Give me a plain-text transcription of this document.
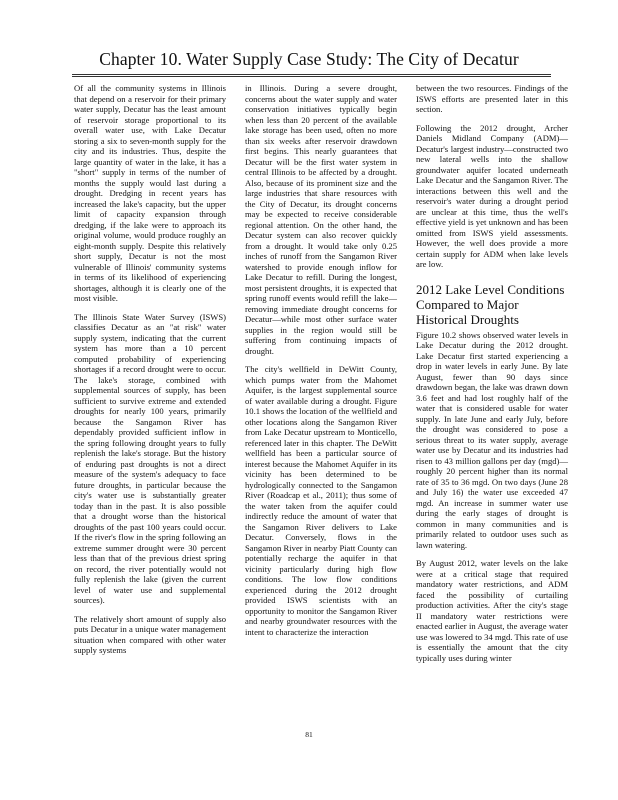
Chapter 10. Water Supply Case Study: The City of Decatur

Of all the community systems in Illinois that depend on a reservoir for their primary water supply, Decatur has the least amount of reservoir storage proportional to its overall water use, with Lake Decatur storing a six to seven-month supply for the city and its industries. Thus, despite the large quantity of water in the lake, it has a "short" supply in terms of the number of months the supply would last during a drought. Dredging in recent years has increased the lake's capacity, but the upper limit of capacity expansion through dredging, if the lake were to approach its original volume, would produce roughly an eight-month supply. Despite this relatively short supply, Decatur is not the most vulnerable of Illinois' community systems in terms of its likelihood of experiencing shortages, although it is clearly one of the most visible.

The Illinois State Water Survey (ISWS) classifies Decatur as an "at risk" water supply system, indicating that the current system has more than a 10 percent computed probability of experiencing shortages if a record drought were to occur. The lake's storage, combined with supplemental sources of supply, has been sufficient to survive extreme and extended droughts for nearly 100 years, primarily because the Sangamon River has dependably provided sufficient inflow in the spring following drought years to fully replenish the lake's storage. But the history of enduring past droughts is not a direct measure of the system's adequacy to face future droughts, in particular because the city's water use is substantially greater today than in the past. It is also possible that a drought worse than the historical droughts of the past 100 years could occur. If the river's flow in the spring following an extreme summer drought were 30 percent less than that of the previous driest spring on record, the river potentially would not fully replenish the lake (given the current level of water use and supplemental sources).

The relatively short amount of supply also puts Decatur in a unique water management situation when compared with other water supply systems

in Illinois. During a severe drought, concerns about the water supply and water conservation initiatives typically begin when less than 20 percent of the available lake storage has been used, often no more than six weeks after reservoir drawdown first begins. This nearly guarantees that Decatur will be the first water system in central Illinois to be affected by a drought. Also, because of its prominent size and the large industries that share resources with the City of Decatur, its drought concerns may be expected to receive considerable regional attention. On the other hand, the Decatur system can also recover quickly from a drought. It would take only 0.25 inches of runoff from the Sangamon River watershed to provide enough inflow for Lake Decatur to refill. During the longest, most persistent droughts, it is expected that spring runoff events would refill the lake—removing immediate drought concerns for Decatur—while most other surface water supplies in the region would still be suffering from continuing impacts of drought.

The city's wellfield in DeWitt County, which pumps water from the Mahomet Aquifer, is the largest supplemental source of water available during a drought. Figure 10.1 shows the location of the wellfield and other locations along the Sangamon River from Lake Decatur upstream to Monticello, referenced later in this chapter. The DeWitt wellfield has been a particular source of interest because the Mahomet Aquifer in its vicinity has been determined to be hydrologically connected to the Sangamon River (Roadcap et al., 2011); thus some of the water taken from the aquifer could indirectly reduce the amount of water that the Sangamon River delivers to Lake Decatur. Conversely, flows in the Sangamon River in nearby Piatt County can potentially recharge the aquifer in that vicinity particularly during high flow conditions. The low flow conditions experienced during the 2012 drought provided ISWS scientists with an opportunity to monitor the Sangamon River and nearby groundwater resources with the intent to characterize the interaction

between the two resources. Findings of the ISWS efforts are presented later in this section.

Following the 2012 drought, Archer Daniels Midland Company (ADM)—Decatur's largest industry—constructed two new lateral wells into the shallow groundwater aquifer located underneath Lake Decatur and the Sangamon River. The interactions between this well and the reservoir's water during a drought period are unclear at this time, thus the well's effective yield is yet unknown and has been omitted from ISWS yield assessments. However, the well does provide a more certain supply for ADM when lake levels are low.

2012 Lake Level Conditions Compared to Major Historical Droughts

Figure 10.2 shows observed water levels in Lake Decatur during the 2012 drought. Lake Decatur first started experiencing a drop in water levels in early June. By late August, fewer than 90 days since drawdown began, the lake was drawn down 3.6 feet and had lost roughly half of the water that is considered usable for water supply. In late June and early July, before the drought was considered to pose a serious threat to its water supply, average water use by Decatur and its industries had risen to 43 million gallons per day (mgd)—roughly 20 percent higher than its normal rate of 35 to 36 mgd. On two days (June 28 and July 16) the water use exceeded 47 mgd. An increase in summer water use during the early stages of drought is common in many communities and is primarily related to outdoor uses such as lawn watering.

By August 2012, water levels on the lake were at a critical stage that required mandatory water restrictions, and ADM faced the possibility of curtailing production activities. After the city's stage II mandatory water restrictions were enacted earlier in August, the average water use was lowered to 34 mgd. This rate of use is essentially the amount that the city typically uses during winter

81
